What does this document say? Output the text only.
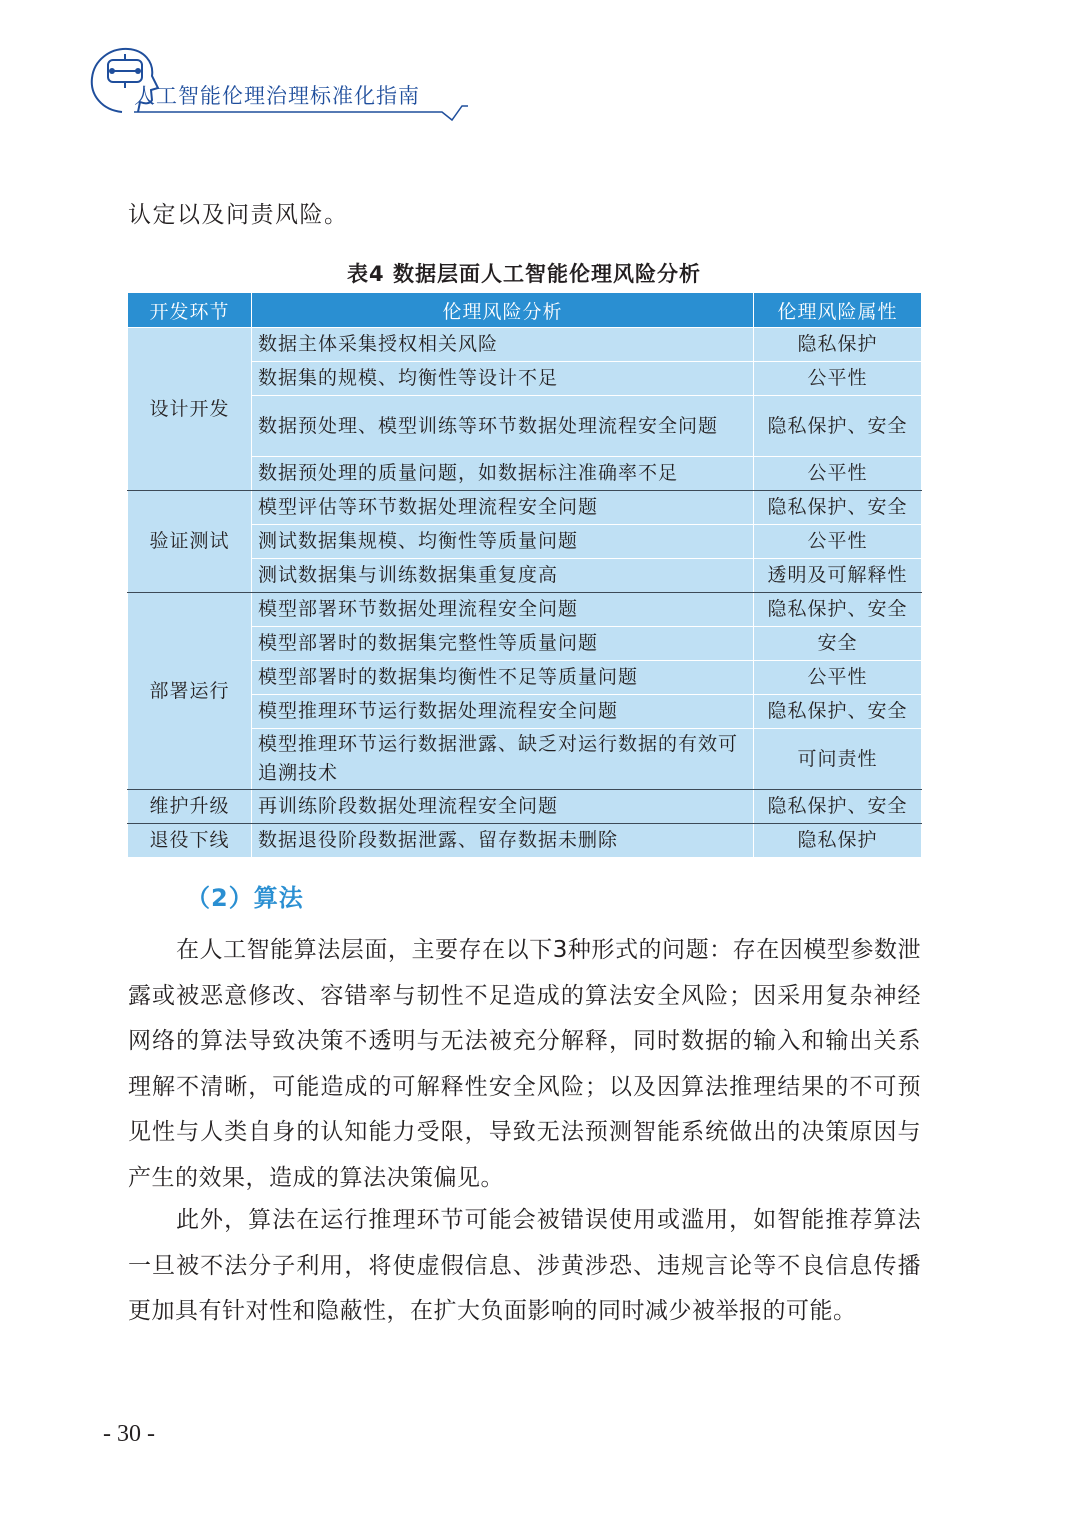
人工智能伦理治理标准化指南
认定以及问责风险。
表4 数据层面人工智能伦理风险分析
开发环节	伦理风险分析	伦理风险属性
设计开发	数据主体采集授权相关风险	隐私保护
	数据集的规模、均衡性等设计不足	公平性
	数据预处理、模型训练等环节数据处理流程安全问题	隐私保护、安全
	数据预处理的质量问题，如数据标注准确率不足	公平性
验证测试	模型评估等环节数据处理流程安全问题	隐私保护、安全
	测试数据集规模、均衡性等质量问题	公平性
	测试数据集与训练数据集重复度高	透明及可解释性
部署运行	模型部署环节数据处理流程安全问题	隐私保护、安全
	模型部署时的数据集完整性等质量问题	安全
	模型部署时的数据集均衡性不足等质量问题	公平性
	模型推理环节运行数据处理流程安全问题	隐私保护、安全
	模型推理环节运行数据泄露、缺乏对运行数据的有效可追溯技术	可问责性
维护升级	再训练阶段数据处理流程安全问题	隐私保护、安全
退役下线	数据退役阶段数据泄露、留存数据未删除	隐私保护
（2）算法
在人工智能算法层面，主要存在以下3种形式的问题：存在因模型参数泄露或被恶意修改、容错率与韧性不足造成的算法安全风险；因采用复杂神经网络的算法导致决策不透明与无法被充分解释，同时数据的输入和输出关系理解不清晰，可能造成的可解释性安全风险；以及因算法推理结果的不可预见性与人类自身的认知能力受限，导致无法预测智能系统做出的决策原因与产生的效果，造成的算法决策偏见。
此外，算法在运行推理环节可能会被错误使用或滥用，如智能推荐算法一旦被不法分子利用，将使虚假信息、涉黄涉恐、违规言论等不良信息传播更加具有针对性和隐蔽性，在扩大负面影响的同时减少被举报的可能。
- 30 -
